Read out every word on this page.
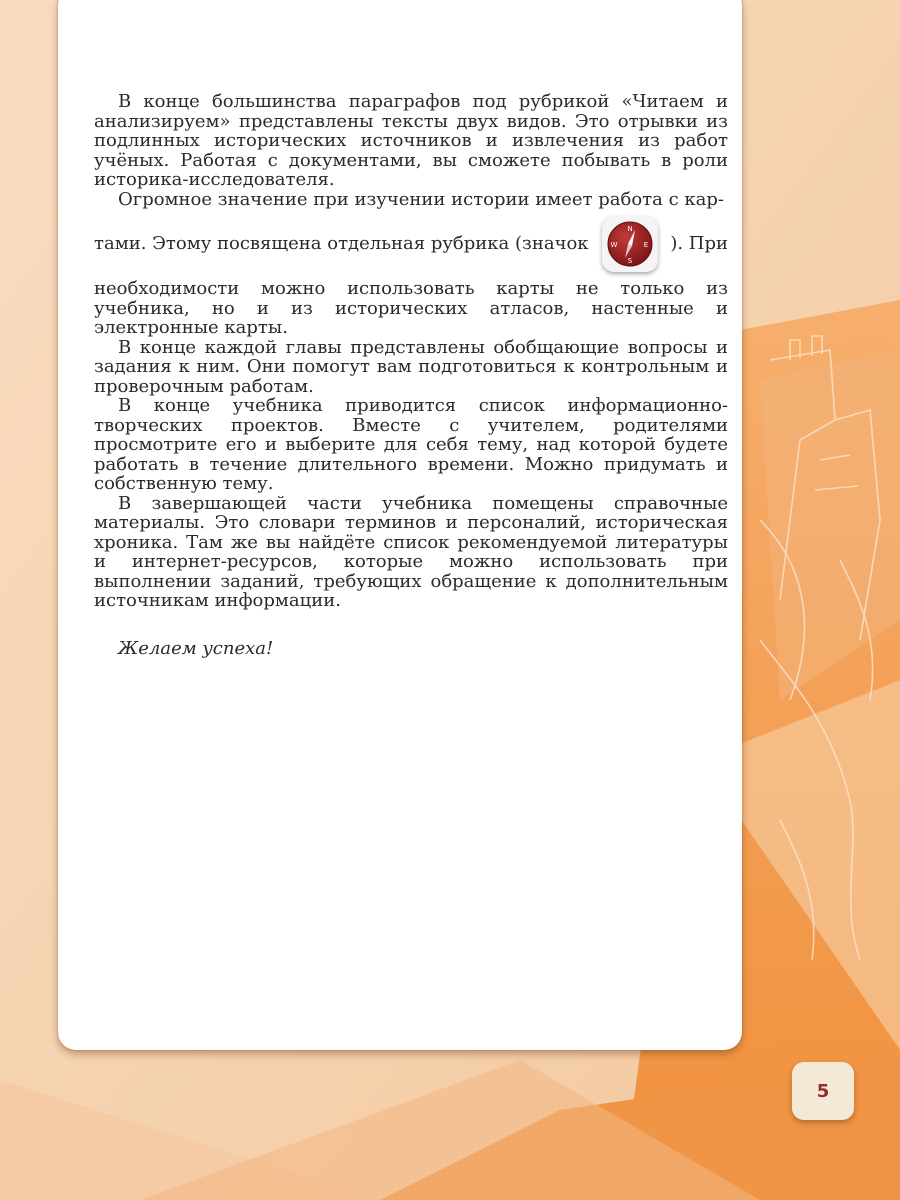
В конце большинства параграфов под рубрикой «Читаем и анализируем» представлены тексты двух видов. Это отрывки из подлинных исторических источников и извлечения из работ учёных. Работая с документами, вы сможете побывать в роли историка-исследователя.

Огромное значение при изучении истории имеет работа с кар-

тами. Этому посвящена отдельная рубрика (значок
N
S
E
W	). При

необходимости можно использовать карты не только из учебника, но и из исторических атласов, настенные и электронные карты.

В конце каждой главы представлены обобщающие вопросы и задания к ним. Они помогут вам подготовиться к контрольным и проверочным работам.

В конце учебника приводится список информационно-творческих проектов. Вместе с учителем, родителями просмотрите его и выберите для себя тему, над которой будете работать в течение длительного времени. Можно придумать и собственную тему.

В завершающей части учебника помещены справочные материалы. Это словари терминов и персоналий, историческая хроника. Там же вы найдёте список рекомендуемой литературы и интернет-ресурсов, которые можно использовать при выполнении заданий, требующих обращение к дополнительным источникам информации.

Желаем успеха!

5
